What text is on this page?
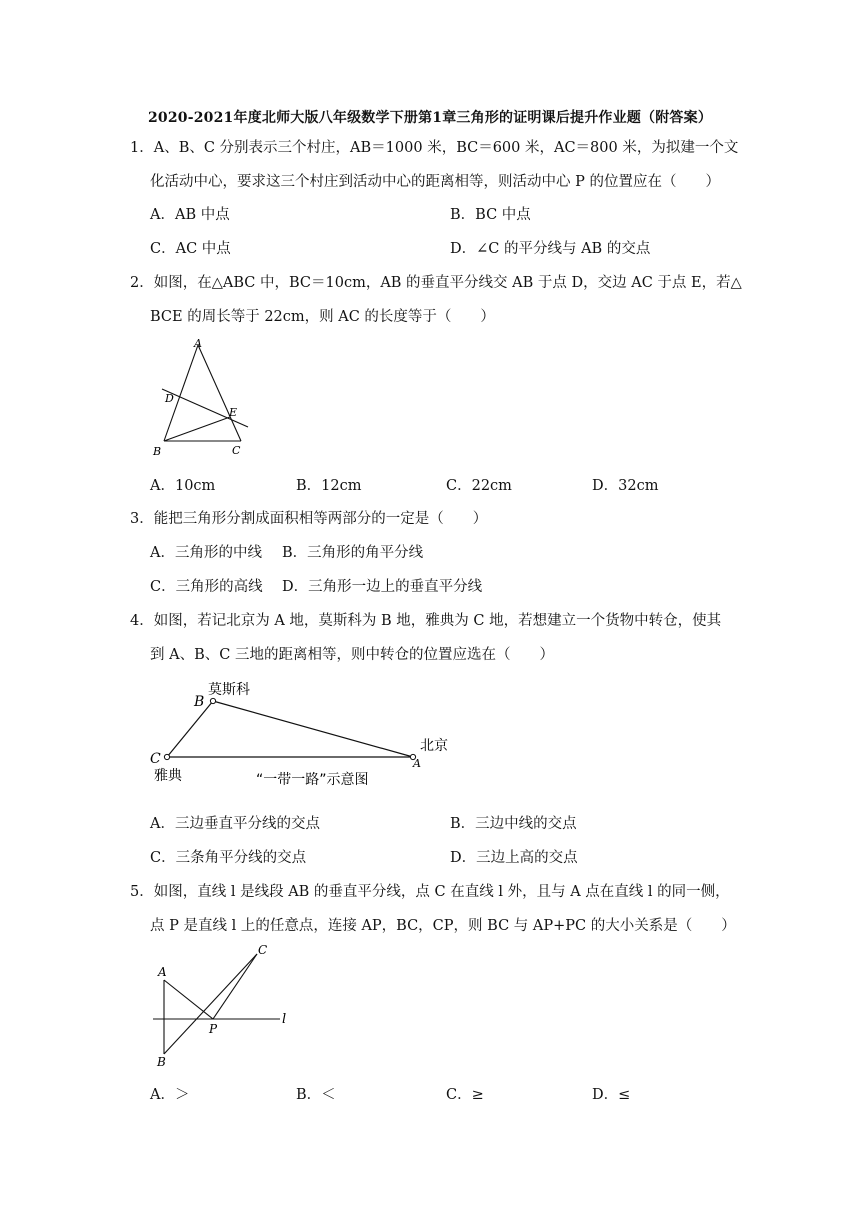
2020-2021年度北师大版八年级数学下册第1章三角形的证明课后提升作业题（附答案）
1．A、B、C 分别表示三个村庄，AB＝1000 米，BC＝600 米，AC＝800 米，为拟建一个文
化活动中心，要求这三个村庄到活动中心的距离相等，则活动中心 P 的位置应在（　　）
A．AB 中点	B．BC 中点
C．AC 中点	D．∠C 的平分线与 AB 的交点
2．如图，在△ABC 中，BC＝10cm，AB 的垂直平分线交 AB 于点 D，交边 AC 于点 E，若△
BCE 的周长等于 22cm，则 AC 的长度等于（　　）
A
D
E
B	C
A．10cm	B．12cm	C．22cm	D．32cm
3．能把三角形分割成面积相等两部分的一定是（　　）
A．三角形的中线 B．三角形的角平分线
C．三角形的高线 D．三角形一边上的垂直平分线
4．如图，若记北京为 A 地，莫斯科为 B 地，雅典为 C 地，若想建立一个货物中转仓，使其
到 A、B、C 三地的距离相等，则中转仓的位置应选在（　　）
莫斯科
B
C
雅典
北京
A
“一带一路”示意图
A．三边垂直平分线的交点	B．三边中线的交点
C．三条角平分线的交点	D．三边上高的交点
5．如图，直线 l 是线段 AB 的垂直平分线，点 C 在直线 l 外，且与 A 点在直线 l 的同一侧，
点 P 是直线 l 上的任意点，连接 AP，BC，CP，则 BC 与 AP+PC 的大小关系是（　　）
A
C
P
l
B
A．＞	B．＜	C．≥	D．≤
